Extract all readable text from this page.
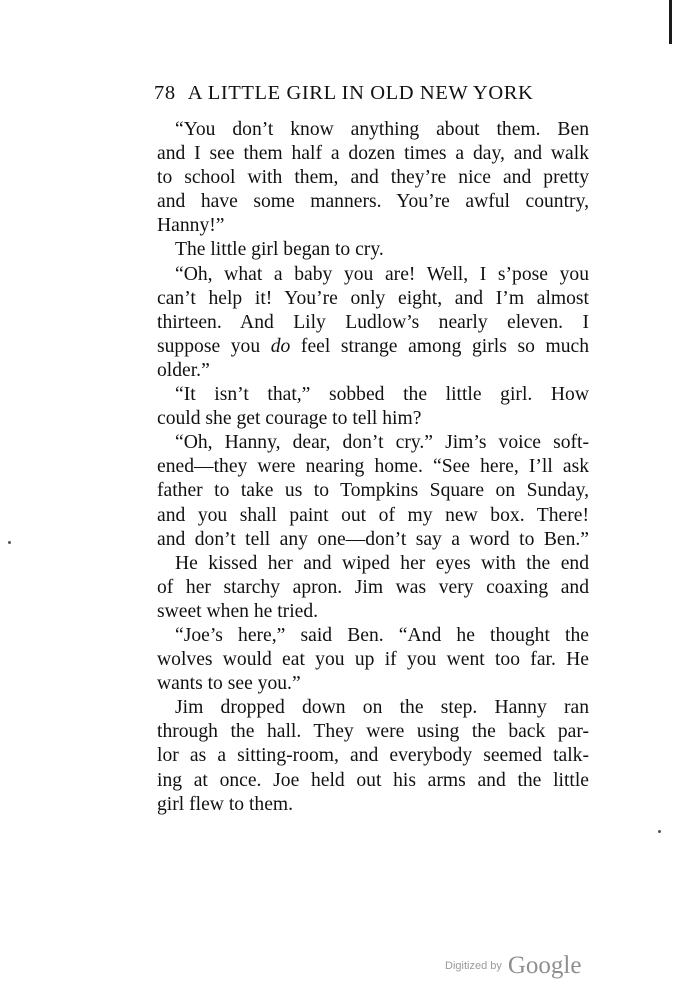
78 A LITTLE GIRL IN OLD NEW YORK
“You don’t know anything about them. Ben
and I see them half a dozen times a day, and walk
to school with them, and they’re nice and pretty
and have some manners. You’re awful country,
Hanny!”
The little girl began to cry.
“Oh, what a baby you are! Well, I s’pose you
can’t help it! You’re only eight, and I’m almost
thirteen. And Lily Ludlow’s nearly eleven. I
suppose you do feel strange among girls so much
older.”
“It isn’t that,” sobbed the little girl. How
could she get courage to tell him?
“Oh, Hanny, dear, don’t cry.” Jim’s voice soft-
ened—they were nearing home. “See here, I’ll ask
father to take us to Tompkins Square on Sunday,
and you shall paint out of my new box. There!
and don’t tell any one—don’t say a word to Ben.”
He kissed her and wiped her eyes with the end
of her starchy apron. Jim was very coaxing and
sweet when he tried.
“Joe’s here,” said Ben. “And he thought the
wolves would eat you up if you went too far. He
wants to see you.”
Jim dropped down on the step. Hanny ran
through the hall. They were using the back par-
lor as a sitting-room, and everybody seemed talk-
ing at once. Joe held out his arms and the little
girl flew to them.
Digitized by Google
